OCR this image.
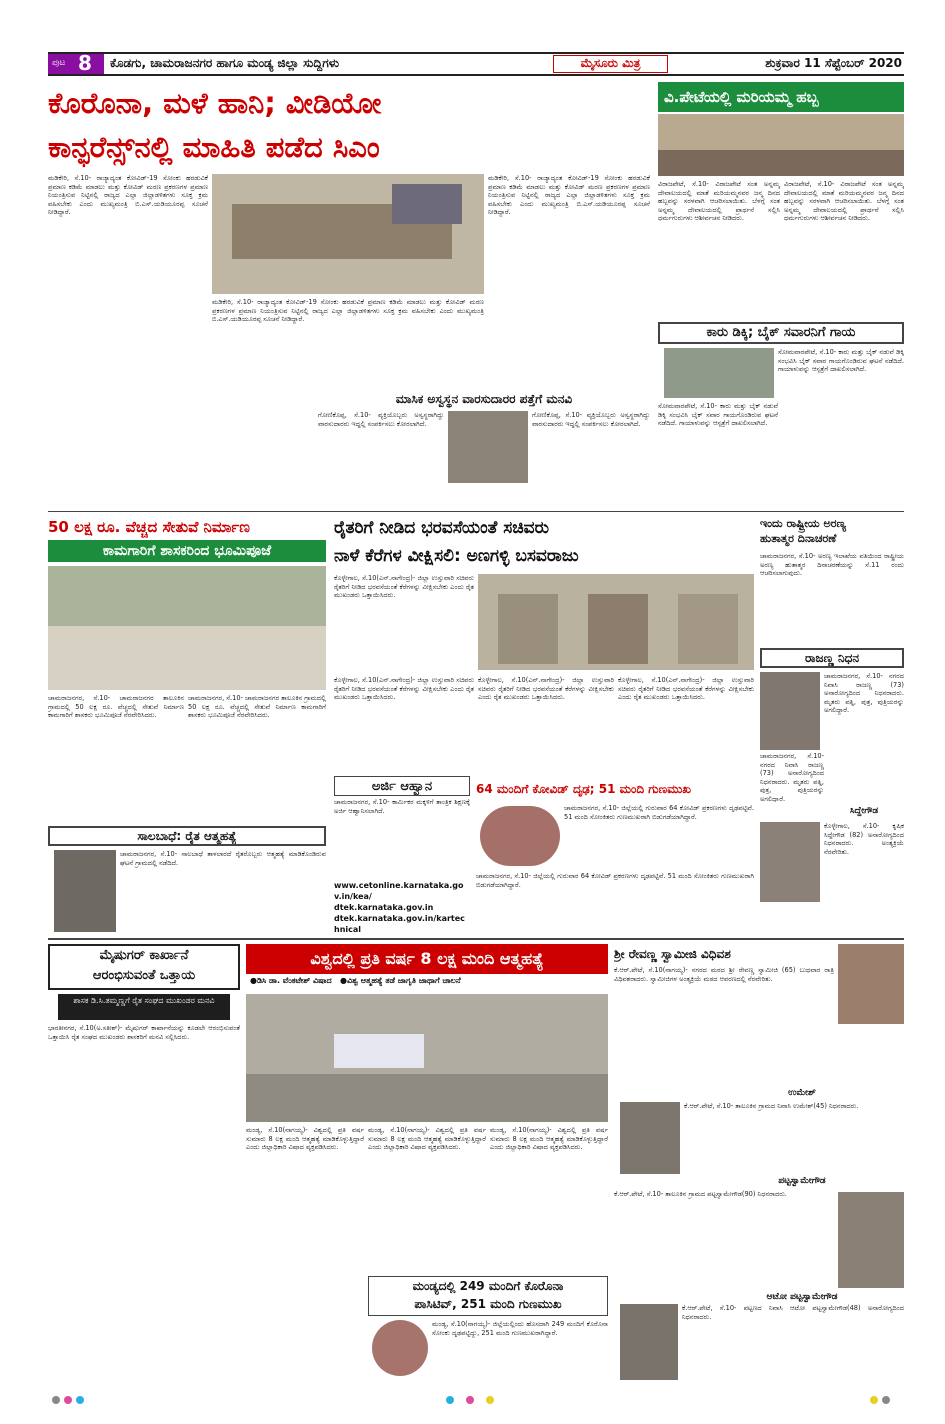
ಪುಟ 8 ಕೊಡಗು, ಚಾಮರಾಜನಗರ ಹಾಗೂ ಮಂಡ್ಯ ಜಿಲ್ಲಾ ಸುದ್ದಿಗಳು	ಮೈಸೂರು ಮಿತ್ರ	ಶುಕ್ರವಾರ 11 ಸೆಪ್ಟೆಂಬರ್ 2020
ಕೊರೊನಾ, ಮಳೆ ಹಾನಿ; ವೀಡಿಯೋ
ಕಾನ್ಫರೆನ್ಸ್‌ನಲ್ಲಿ ಮಾಹಿತಿ ಪಡೆದ ಸಿಎಂ
ಮಡಿಕೇರಿ, ಸೆ.10- ರಾಜ್ಯಾದ್ಯಂತ ಕೋವಿಡ್-19 ಸೋಂಕು ಹರಡುವಿಕೆ ಪ್ರಮಾಣ ಕಡಿಮೆ ಮಾಡಲು ಮತ್ತು ಕೋವಿಡ್ ಮರಣ ಪ್ರಕರಣಗಳ ಪ್ರಮಾಣ ನಿಯಂತ್ರಿಸುವ ನಿಟ್ಟಿನಲ್ಲಿ ರಾಜ್ಯದ ಎಲ್ಲಾ ಜಿಲ್ಲಾಡಳಿತಗಳು ಸೂಕ್ತ ಕ್ರಮ ವಹಿಸಬೇಕು ಎಂದು ಮುಖ್ಯಮಂತ್ರಿ ಬಿ.ಎಸ್.ಯಡಿಯೂರಪ್ಪ ಸೂಚನೆ ನೀಡಿದ್ದಾರೆ.
ಮಡಿಕೇರಿ, ಸೆ.10- ರಾಜ್ಯಾದ್ಯಂತ ಕೋವಿಡ್-19 ಸೋಂಕು ಹರಡುವಿಕೆ ಪ್ರಮಾಣ ಕಡಿಮೆ ಮಾಡಲು ಮತ್ತು ಕೋವಿಡ್ ಮರಣ ಪ್ರಕರಣಗಳ ಪ್ರಮಾಣ ನಿಯಂತ್ರಿಸುವ ನಿಟ್ಟಿನಲ್ಲಿ ರಾಜ್ಯದ ಎಲ್ಲಾ ಜಿಲ್ಲಾಡಳಿತಗಳು ಸೂಕ್ತ ಕ್ರಮ ವಹಿಸಬೇಕು ಎಂದು ಮುಖ್ಯಮಂತ್ರಿ ಬಿ.ಎಸ್.ಯಡಿಯೂರಪ್ಪ ಸೂಚನೆ ನೀಡಿದ್ದಾರೆ.
ಮಡಿಕೇರಿ, ಸೆ.10- ರಾಜ್ಯಾದ್ಯಂತ ಕೋವಿಡ್-19 ಸೋಂಕು ಹರಡುವಿಕೆ ಪ್ರಮಾಣ ಕಡಿಮೆ ಮಾಡಲು ಮತ್ತು ಕೋವಿಡ್ ಮರಣ ಪ್ರಕರಣಗಳ ಪ್ರಮಾಣ ನಿಯಂತ್ರಿಸುವ ನಿಟ್ಟಿನಲ್ಲಿ ರಾಜ್ಯದ ಎಲ್ಲಾ ಜಿಲ್ಲಾಡಳಿತಗಳು ಸೂಕ್ತ ಕ್ರಮ ವಹಿಸಬೇಕು ಎಂದು ಮುಖ್ಯಮಂತ್ರಿ ಬಿ.ಎಸ್.ಯಡಿಯೂರಪ್ಪ ಸೂಚನೆ ನೀಡಿದ್ದಾರೆ.
ವಿ.ಪೇಟೆಯಲ್ಲಿ ಮರಿಯಮ್ಮ ಹಬ್ಬ
ವಿರಾಜಪೇಟೆ, ಸೆ.10- ವಿರಾಜಪೇಟೆ ಸಂತ ಅನ್ನಮ್ಮ ದೇವಾಲಯದಲ್ಲಿ ಮಾತೆ ಮರಿಯಮ್ಮನವರ ಜನ್ಮ ದಿನದ ಹಬ್ಬವನ್ನು ಸರಳವಾಗಿ ಆಚರಿಸಲಾಯಿತು. ಬೆಳಗ್ಗೆ ಸಂತ ಅನ್ನಮ್ಮ ದೇವಾಲಯದಲ್ಲಿ ಪ್ರಾರ್ಥನೆ ಸಲ್ಲಿಸಿ ಧರ್ಮಗುರುಗಳು ಆಶೀರ್ವಚನ ನೀಡಿದರು.
ವಿರಾಜಪೇಟೆ, ಸೆ.10- ವಿರಾಜಪೇಟೆ ಸಂತ ಅನ್ನಮ್ಮ ದೇವಾಲಯದಲ್ಲಿ ಮಾತೆ ಮರಿಯಮ್ಮನವರ ಜನ್ಮ ದಿನದ ಹಬ್ಬವನ್ನು ಸರಳವಾಗಿ ಆಚರಿಸಲಾಯಿತು. ಬೆಳಗ್ಗೆ ಸಂತ ಅನ್ನಮ್ಮ ದೇವಾಲಯದಲ್ಲಿ ಪ್ರಾರ್ಥನೆ ಸಲ್ಲಿಸಿ ಧರ್ಮಗುರುಗಳು ಆಶೀರ್ವಚನ ನೀಡಿದರು.
ಕಾರು ಡಿಕ್ಕಿ; ಬೈಕ್ ಸವಾರನಿಗೆ ಗಾಯ
ಸೋಮವಾರಪೇಟೆ, ಸೆ.10- ಕಾರು ಮತ್ತು ಬೈಕ್ ನಡುವೆ ಡಿಕ್ಕಿ ಸಂಭವಿಸಿ ಬೈಕ್ ಸವಾರ ಗಾಯಗೊಂಡಿರುವ ಘಟನೆ ನಡೆದಿದೆ. ಗಾಯಾಳುವನ್ನು ಆಸ್ಪತ್ರೆಗೆ ದಾಖಲಿಸಲಾಗಿದೆ.
ಸೋಮವಾರಪೇಟೆ, ಸೆ.10- ಕಾರು ಮತ್ತು ಬೈಕ್ ನಡುವೆ ಡಿಕ್ಕಿ ಸಂಭವಿಸಿ ಬೈಕ್ ಸವಾರ ಗಾಯಗೊಂಡಿರುವ ಘಟನೆ ನಡೆದಿದೆ. ಗಾಯಾಳುವನ್ನು ಆಸ್ಪತ್ರೆಗೆ ದಾಖಲಿಸಲಾಗಿದೆ.
ಮಾಸಿಕ ಅಸ್ವಸ್ಥನ ವಾರಸುದಾರರ ಪತ್ತೆಗೆ ಮನವಿ
ಗೋಣಿಕೊಪ್ಪ, ಸೆ.10- ವ್ಯಕ್ತಿಯೊಬ್ಬರು ಅಸ್ವಸ್ಥರಾಗಿದ್ದು ವಾರಸುದಾರರು ಇದ್ದಲ್ಲಿ ಸಂಪರ್ಕಿಸಲು ಕೋರಲಾಗಿದೆ.
ಗೋಣಿಕೊಪ್ಪ, ಸೆ.10- ವ್ಯಕ್ತಿಯೊಬ್ಬರು ಅಸ್ವಸ್ಥರಾಗಿದ್ದು ವಾರಸುದಾರರು ಇದ್ದಲ್ಲಿ ಸಂಪರ್ಕಿಸಲು ಕೋರಲಾಗಿದೆ.
50 ಲಕ್ಷ ರೂ. ವೆಚ್ಚದ ಸೇತುವೆ ನಿರ್ಮಾಣ
ಕಾಮಗಾರಿಗೆ ಶಾಸಕರಿಂದ ಭೂಮಿಪೂಜೆ
ಚಾಮರಾಜನಗರ, ಸೆ.10- ಚಾಮರಾಜನಗರ ತಾಲೂಕಿನ ಗ್ರಾಮದಲ್ಲಿ 50 ಲಕ್ಷ ರೂ. ವೆಚ್ಚದಲ್ಲಿ ಸೇತುವೆ ನಿರ್ಮಾಣ ಕಾಮಗಾರಿಗೆ ಶಾಸಕರು ಭೂಮಿಪೂಜೆ ನೆರವೇರಿಸಿದರು.
ಚಾಮರಾಜನಗರ, ಸೆ.10- ಚಾಮರಾಜನಗರ ತಾಲೂಕಿನ ಗ್ರಾಮದಲ್ಲಿ 50 ಲಕ್ಷ ರೂ. ವೆಚ್ಚದಲ್ಲಿ ಸೇತುವೆ ನಿರ್ಮಾಣ ಕಾಮಗಾರಿಗೆ ಶಾಸಕರು ಭೂಮಿಪೂಜೆ ನೆರವೇರಿಸಿದರು.
ರೈತರಿಗೆ ನೀಡಿದ ಭರವಸೆಯಂತೆ ಸಚಿವರು
ನಾಳೆ ಕೆರೆಗಳ ವೀಕ್ಷಿಸಲಿ: ಅಣಗಳ್ಳಿ ಬಸವರಾಜು
ಕೊಳ್ಳೇಗಾಲ, ಸೆ.10(ಎನ್.ನಾಗೇಂದ್ರ)- ಜಿಲ್ಲಾ ಉಸ್ತುವಾರಿ ಸಚಿವರು ರೈತರಿಗೆ ನೀಡಿದ ಭರವಸೆಯಂತೆ ಕೆರೆಗಳನ್ನು ವೀಕ್ಷಿಸಬೇಕು ಎಂದು ರೈತ ಮುಖಂಡರು ಒತ್ತಾಯಿಸಿದರು.
ಕೊಳ್ಳೇಗಾಲ, ಸೆ.10(ಎನ್.ನಾಗೇಂದ್ರ)- ಜಿಲ್ಲಾ ಉಸ್ತುವಾರಿ ಸಚಿವರು ರೈತರಿಗೆ ನೀಡಿದ ಭರವಸೆಯಂತೆ ಕೆರೆಗಳನ್ನು ವೀಕ್ಷಿಸಬೇಕು ಎಂದು ರೈತ ಮುಖಂಡರು ಒತ್ತಾಯಿಸಿದರು.
ಕೊಳ್ಳೇಗಾಲ, ಸೆ.10(ಎನ್.ನಾಗೇಂದ್ರ)- ಜಿಲ್ಲಾ ಉಸ್ತುವಾರಿ ಸಚಿವರು ರೈತರಿಗೆ ನೀಡಿದ ಭರವಸೆಯಂತೆ ಕೆರೆಗಳನ್ನು ವೀಕ್ಷಿಸಬೇಕು ಎಂದು ರೈತ ಮುಖಂಡರು ಒತ್ತಾಯಿಸಿದರು.
ಕೊಳ್ಳೇಗಾಲ, ಸೆ.10(ಎನ್.ನಾಗೇಂದ್ರ)- ಜಿಲ್ಲಾ ಉಸ್ತುವಾರಿ ಸಚಿವರು ರೈತರಿಗೆ ನೀಡಿದ ಭರವಸೆಯಂತೆ ಕೆರೆಗಳನ್ನು ವೀಕ್ಷಿಸಬೇಕು ಎಂದು ರೈತ ಮುಖಂಡರು ಒತ್ತಾಯಿಸಿದರು.
ಇಂದು ರಾಷ್ಟ್ರೀಯ ಅರಣ್ಯ
ಹುತಾತ್ಮರ ದಿನಾಚರಣೆ
ಚಾಮರಾಜನಗರ, ಸೆ.10- ಅರಣ್ಯ ಇಲಾಖೆಯ ವತಿಯಿಂದ ರಾಷ್ಟ್ರೀಯ ಅರಣ್ಯ ಹುತಾತ್ಮರ ದಿನಾಚರಣೆಯನ್ನು ಸೆ.11 ರಂದು ಆಚರಿಸಲಾಗುವುದು.
ರಾಜಣ್ಣ ನಿಧನ
ಚಾಮರಾಜನಗರ, ಸೆ.10- ನಗರದ ನಿವಾಸಿ ರಾಜಣ್ಣ (73) ಅನಾರೋಗ್ಯದಿಂದ ನಿಧನರಾದರು. ಮೃತರು ಪತ್ನಿ, ಪುತ್ರ, ಪುತ್ರಿಯರನ್ನು ಅಗಲಿದ್ದಾರೆ.
ಚಾಮರಾಜನಗರ, ಸೆ.10- ನಗರದ ನಿವಾಸಿ ರಾಜಣ್ಣ (73) ಅನಾರೋಗ್ಯದಿಂದ ನಿಧನರಾದರು. ಮೃತರು ಪತ್ನಿ, ಪುತ್ರ, ಪುತ್ರಿಯರನ್ನು ಅಗಲಿದ್ದಾರೆ.
ಸಿದ್ದೇಗೌಡ
ಕೊಳ್ಳೇಗಾಲ, ಸೆ.10- ಕೃಷಿಕ ಸಿದ್ದೇಗೌಡ (82) ಅನಾರೋಗ್ಯದಿಂದ ನಿಧನರಾದರು. ಅಂತ್ಯಕ್ರಿಯೆ ನೆರವೇರಿತು.
ಅರ್ಜಿ ಆಹ್ವಾನ
ಚಾಮರಾಜನಗರ, ಸೆ.10- ಕಾರ್ಮಿಕರ ಮಕ್ಕಳಿಗೆ ತಾಂತ್ರಿಕ ಶಿಕ್ಷಣಕ್ಕೆ ಅರ್ಜಿ ಆಹ್ವಾನಿಸಲಾಗಿದೆ.
www.cetonline.karnataka.gov.in/kea/
dtek.karnataka.gov.in
dtek.karnataka.gov.in/kartechnical
ಸಾಲಬಾಧೆ: ರೈತ ಆತ್ಮಹತ್ಯೆ
ಚಾಮರಾಜನಗರ, ಸೆ.10- ಸಾಲಬಾಧೆ ತಾಳಲಾರದೆ ರೈತರೊಬ್ಬರು ಆತ್ಮಹತ್ಯೆ ಮಾಡಿಕೊಂಡಿರುವ ಘಟನೆ ಗ್ರಾಮದಲ್ಲಿ ನಡೆದಿದೆ.
64 ಮಂದಿಗೆ ಕೋವಿಡ್ ದೃಢ; 51 ಮಂದಿ ಗುಣಮುಖ
ಚಾಮರಾಜನಗರ, ಸೆ.10- ಜಿಲ್ಲೆಯಲ್ಲಿ ಗುರುವಾರ 64 ಕೋವಿಡ್ ಪ್ರಕರಣಗಳು ದೃಢಪಟ್ಟಿವೆ. 51 ಮಂದಿ ಸೋಂಕಿತರು ಗುಣಮುಖರಾಗಿ ಬಿಡುಗಡೆಯಾಗಿದ್ದಾರೆ.
ಚಾಮರಾಜನಗರ, ಸೆ.10- ಜಿಲ್ಲೆಯಲ್ಲಿ ಗುರುವಾರ 64 ಕೋವಿಡ್ ಪ್ರಕರಣಗಳು ದೃಢಪಟ್ಟಿವೆ. 51 ಮಂದಿ ಸೋಂಕಿತರು ಗುಣಮುಖರಾಗಿ ಬಿಡುಗಡೆಯಾಗಿದ್ದಾರೆ.
ಮೈಷುಗರ್ ಕಾರ್ಖಾನೆ
ಆರಂಭಿಸುವಂತೆ ಒತ್ತಾಯ
ಶಾಸಕ ಡಿ.ಸಿ.ತಮ್ಮಣ್ಣಗೆ ರೈತ ಸಂಘದ ಮುಖಂಡರ ಮನವಿ
ಭಾರತೀನಗರ, ಸೆ.10(ಅ.ಸತೀಶ್)- ಮೈಷುಗರ್ ಕಾರ್ಖಾನೆಯನ್ನು ಕೂಡಲೇ ಆರಂಭಿಸುವಂತೆ ಒತ್ತಾಯಿಸಿ ರೈತ ಸಂಘದ ಮುಖಂಡರು ಶಾಸಕರಿಗೆ ಮನವಿ ಸಲ್ಲಿಸಿದರು.
ವಿಶ್ವದಲ್ಲಿ ಪ್ರತಿ ವರ್ಷ 8 ಲಕ್ಷ ಮಂದಿ ಆತ್ಮಹತ್ಯೆ
●ಡಿಸಿ ಡಾ. ವೆಂಕಟೇಶ್ ವಿಷಾದ ●ವಿಶ್ವ ಆತ್ಮಹತ್ಯೆ ತಡೆ ಜಾಗೃತಿ ಜಾಥಾಗೆ ಚಾಲನೆ
ಮಂಡ್ಯ, ಸೆ.10(ನಾಗಯ್ಯ)- ವಿಶ್ವದಲ್ಲಿ ಪ್ರತಿ ವರ್ಷ ಸುಮಾರು 8 ಲಕ್ಷ ಮಂದಿ ಆತ್ಮಹತ್ಯೆ ಮಾಡಿಕೊಳ್ಳುತ್ತಿದ್ದಾರೆ ಎಂದು ಜಿಲ್ಲಾಧಿಕಾರಿ ವಿಷಾದ ವ್ಯಕ್ತಪಡಿಸಿದರು.
ಮಂಡ್ಯ, ಸೆ.10(ನಾಗಯ್ಯ)- ವಿಶ್ವದಲ್ಲಿ ಪ್ರತಿ ವರ್ಷ ಸುಮಾರು 8 ಲಕ್ಷ ಮಂದಿ ಆತ್ಮಹತ್ಯೆ ಮಾಡಿಕೊಳ್ಳುತ್ತಿದ್ದಾರೆ ಎಂದು ಜಿಲ್ಲಾಧಿಕಾರಿ ವಿಷಾದ ವ್ಯಕ್ತಪಡಿಸಿದರು.
ಮಂಡ್ಯ, ಸೆ.10(ನಾಗಯ್ಯ)- ವಿಶ್ವದಲ್ಲಿ ಪ್ರತಿ ವರ್ಷ ಸುಮಾರು 8 ಲಕ್ಷ ಮಂದಿ ಆತ್ಮಹತ್ಯೆ ಮಾಡಿಕೊಳ್ಳುತ್ತಿದ್ದಾರೆ ಎಂದು ಜಿಲ್ಲಾಧಿಕಾರಿ ವಿಷಾದ ವ್ಯಕ್ತಪಡಿಸಿದರು.
ಮಂಡ್ಯದಲ್ಲಿ 249 ಮಂದಿಗೆ ಕೊರೊನಾ
ಪಾಸಿಟಿವ್, 251 ಮಂದಿ ಗುಣಮುಖ
ಮಂಡ್ಯ, ಸೆ.10(ನಾಗಯ್ಯ)- ಜಿಲ್ಲೆಯಲ್ಲಿಂದು ಹೊಸದಾಗಿ 249 ಮಂದಿಗೆ ಕೊರೊನಾ ಸೋಂಕು ದೃಢಪಟ್ಟಿದ್ದು, 251 ಮಂದಿ ಗುಣಮುಖರಾಗಿದ್ದಾರೆ.
ಶ್ರೀ ರೇವಣ್ಣ ಸ್ವಾಮೀಜಿ ವಿಧಿವಶ
ಕೆ.ಆರ್.ಪೇಟೆ, ಸೆ.10(ನಾಗಯ್ಯ)- ನಗರದ ಮಠದ ಶ್ರೀ ರೇವಣ್ಣ ಸ್ವಾಮೀಜಿ (65) ಬುಧವಾರ ರಾತ್ರಿ ವಿಧಿವಶರಾದರು. ಸ್ವಾಮೀಜಿಗಳ ಅಂತ್ಯಕ್ರಿಯೆ ಮಠದ ಆವರಣದಲ್ಲಿ ನೆರವೇರಿತು.
ಉಮೇಶ್
ಕೆ.ಆರ್.ಪೇಟೆ, ಸೆ.10- ತಾಲೂಕಿನ ಗ್ರಾಮದ ನಿವಾಸಿ ಉಮೇಶ್(45) ನಿಧನರಾದರು.
ಪಟ್ಟಸ್ವಾಮೇಗೌಡ
ಕೆ.ಆರ್.ಪೇಟೆ, ಸೆ.10- ತಾಲೂಕಿನ ಗ್ರಾಮದ ಪಟ್ಟಸ್ವಾಮೇಗೌಡ(90) ನಿಧನರಾದರು.
ಆಟೋ ಪಟ್ಟಸ್ವಾಮೇಗೌಡ
ಕೆ.ಆರ್.ಪೇಟೆ, ಸೆ.10- ಪಟ್ಟಣದ ನಿವಾಸಿ ಆಟೋ ಪಟ್ಟಸ್ವಾಮೇಗೌಡ(48) ಅನಾರೋಗ್ಯದಿಂದ ನಿಧನರಾದರು.
